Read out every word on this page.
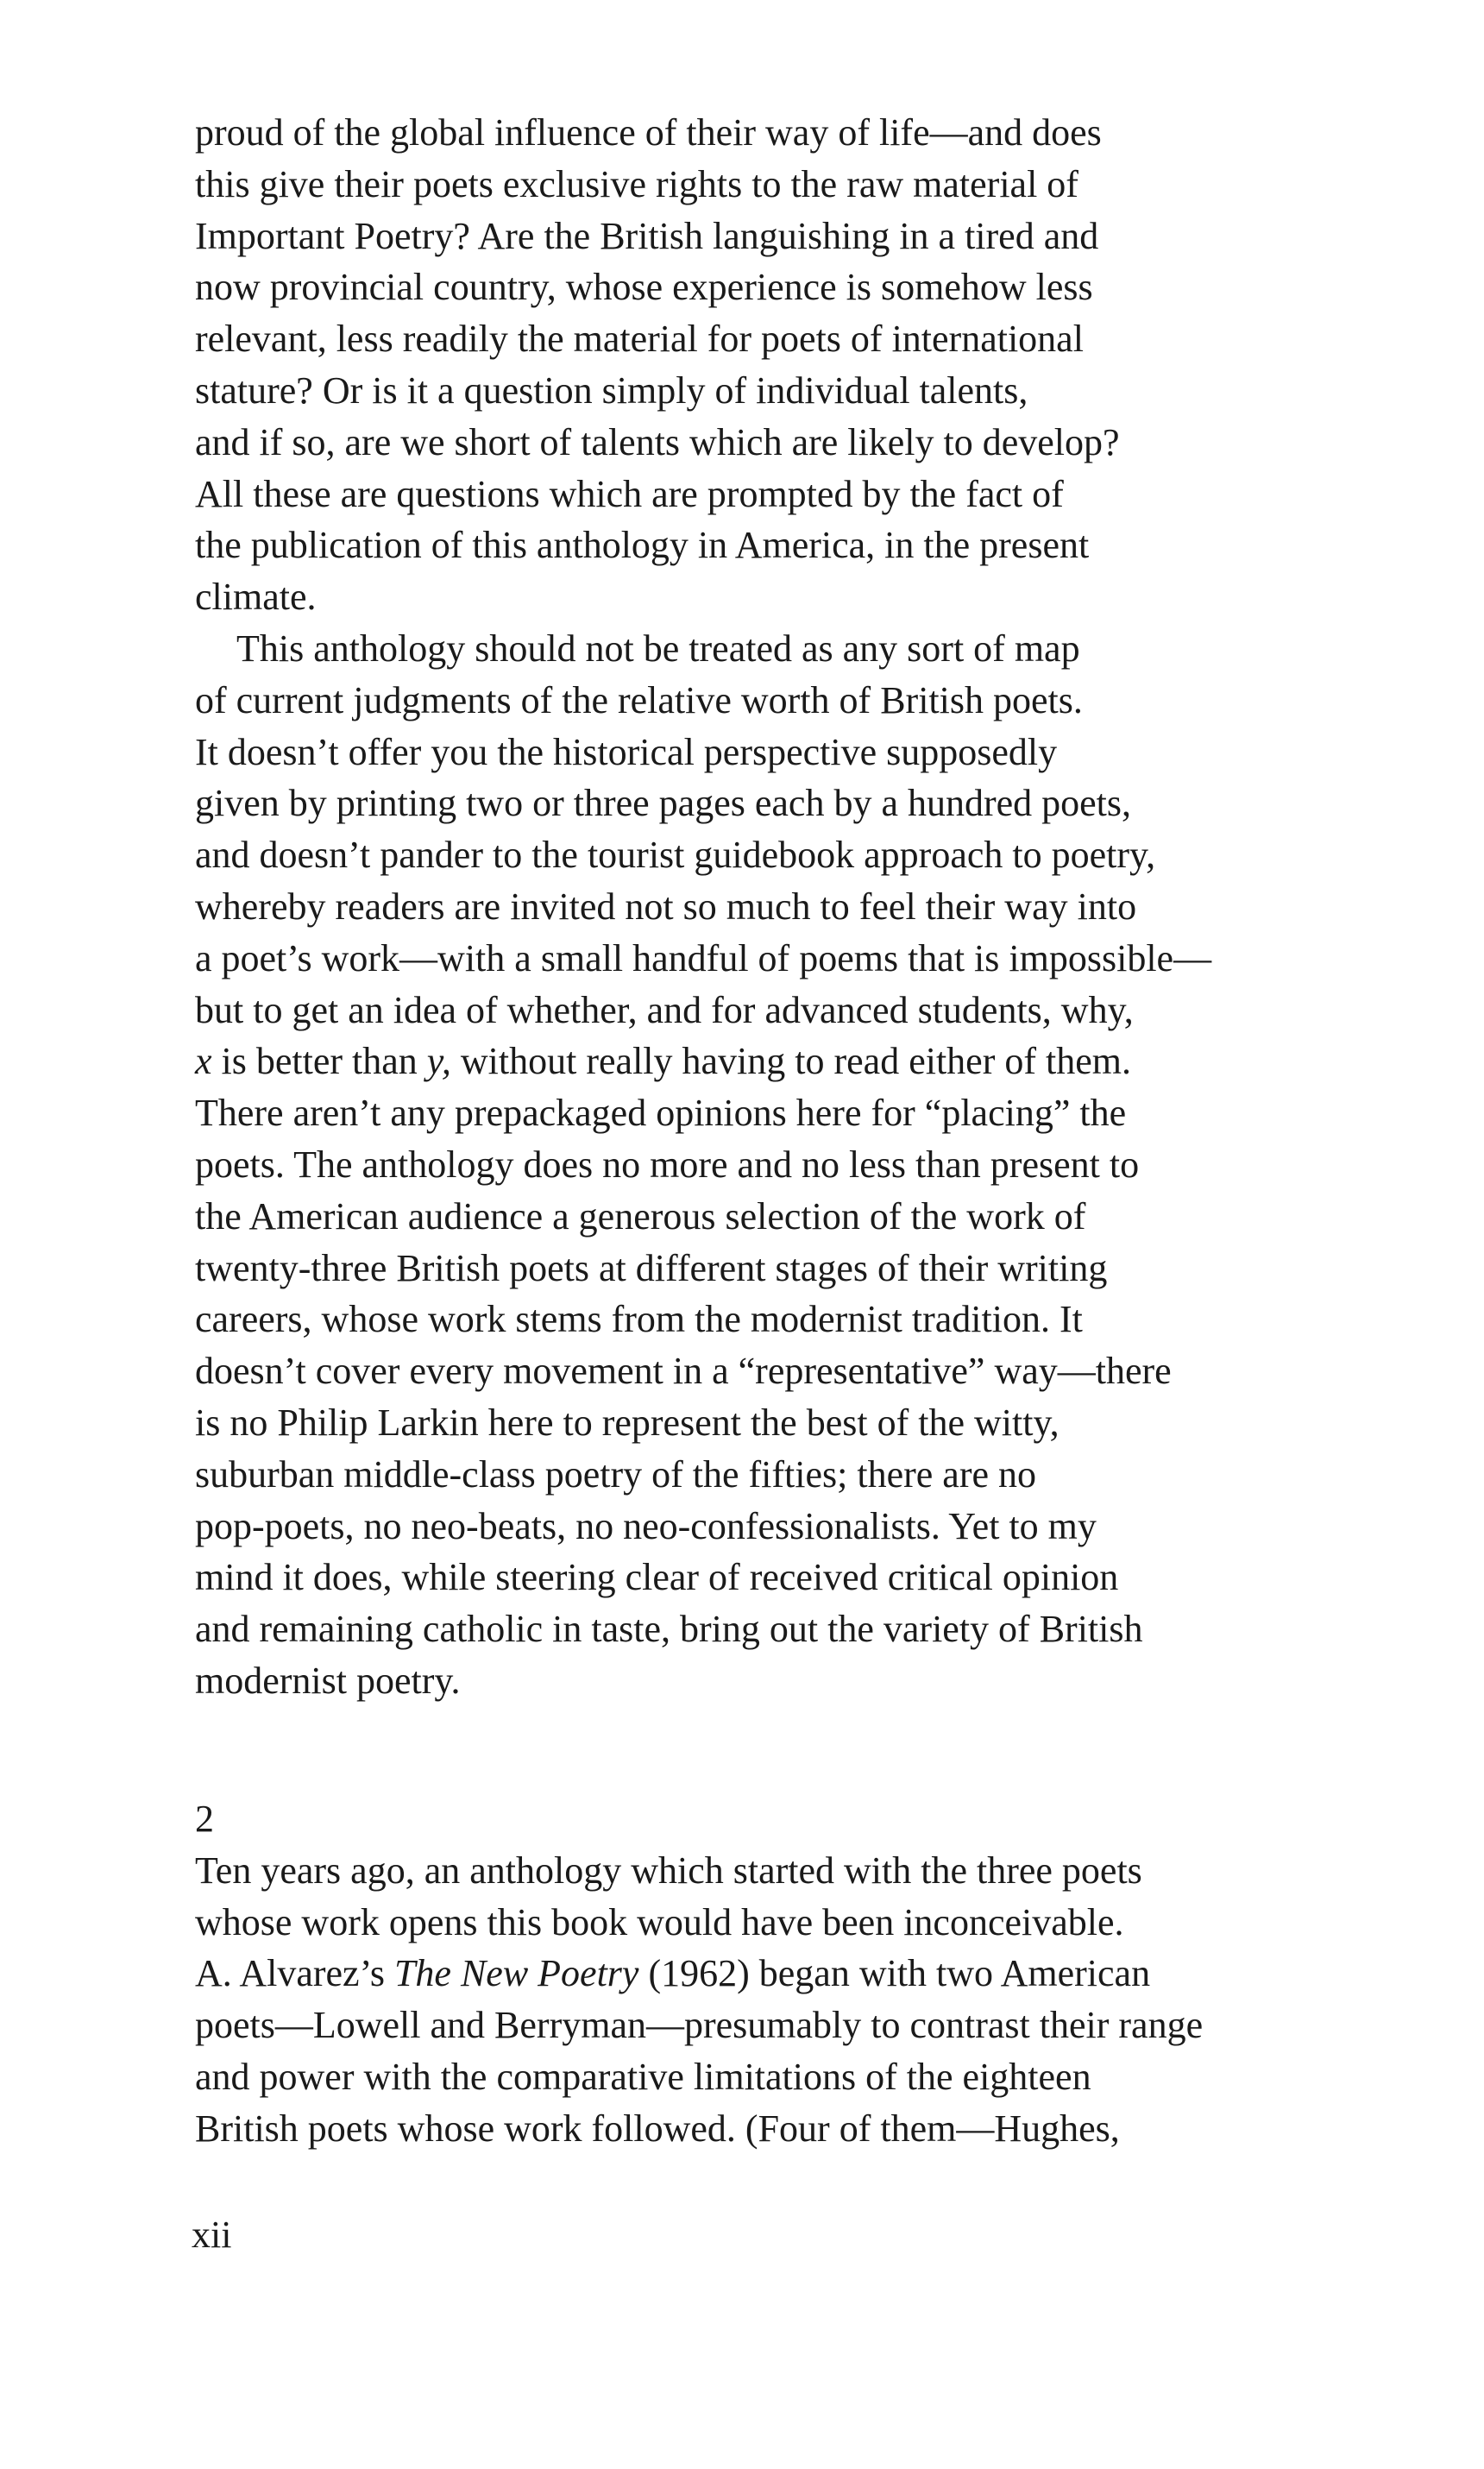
proud of the global influence of their way of life—and does
this give their poets exclusive rights to the raw material of
Important Poetry? Are the British languishing in a tired and
now provincial country, whose experience is somehow less
relevant, less readily the material for poets of international
stature? Or is it a question simply of individual talents,
and if so, are we short of talents which are likely to develop?
All these are questions which are prompted by the fact of
the publication of this anthology in America, in the present
climate.
This anthology should not be treated as any sort of map
of current judgments of the relative worth of British poets.
It doesn’t offer you the historical perspective supposedly
given by printing two or three pages each by a hundred poets,
and doesn’t pander to the tourist guidebook approach to poetry,
whereby readers are invited not so much to feel their way into
a poet’s work—with a small handful of poems that is impossible—
but to get an idea of whether, and for advanced students, why,
x is better than y, without really having to read either of them.
There aren’t any prepackaged opinions here for “placing” the
poets. The anthology does no more and no less than present to
the American audience a generous selection of the work of
twenty-three British poets at different stages of their writing
careers, whose work stems from the modernist tradition. It
doesn’t cover every movement in a “representative” way—there
is no Philip Larkin here to represent the best of the witty,
suburban middle-class poetry of the fifties; there are no
pop-poets, no neo-beats, no neo-confessionalists. Yet to my
mind it does, while steering clear of received critical opinion
and remaining catholic in taste, bring out the variety of British
modernist poetry.
2
Ten years ago, an anthology which started with the three poets
whose work opens this book would have been inconceivable.
A. Alvarez’s The New Poetry (1962) began with two American
poets—Lowell and Berryman—presumably to contrast their range
and power with the comparative limitations of the eighteen
British poets whose work followed. (Four of them—Hughes,
xii
